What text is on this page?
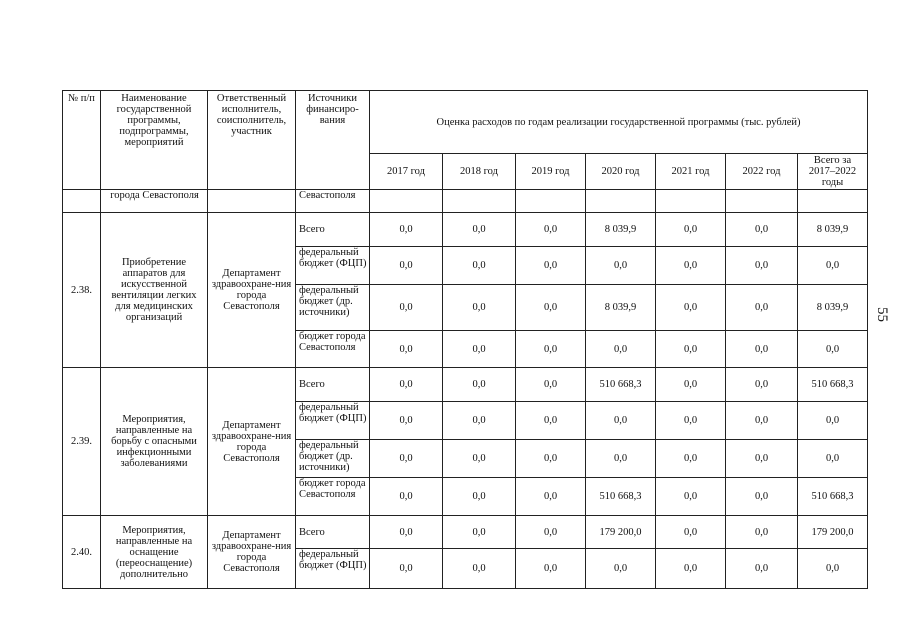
№ п/п	Наименование государственной программы, подпрограммы, мероприятий	Ответственный исполнитель, соисполнитель, участник	Источники финансиро-вания	Оценка расходов по годам реализации государственной программы (тыс. рублей)						
				2017 год	2018 год	2019 год	2020 год	2021 год	2022 год	Всего за 2017–2022 годы
	города Севастополя		Севастополя							
2.38.	Приобретение аппаратов для искусственной вентиляции легких для медицинских организаций	Департамент здравоохране-ния города Севастополя	Всего	0,0	0,0	0,0	8 039,9	0,0	0,0	8 039,9
			федеральный бюджет (ФЦП)	0,0	0,0	0,0	0,0	0,0	0,0	0,0
			федеральный бюджет (др. источники)	0,0	0,0	0,0	8 039,9	0,0	0,0	8 039,9
			бюджет города Севастополя	0,0	0,0	0,0	0,0	0,0	0,0	0,0
2.39.	Мероприятия, направленные на борьбу с опасными инфекционными заболеваниями	Департамент здравоохране-ния города Севастополя	Всего	0,0	0,0	0,0	510 668,3	0,0	0,0	510 668,3
			федеральный бюджет (ФЦП)	0,0	0,0	0,0	0,0	0,0	0,0	0,0
			федеральный бюджет (др. источники)	0,0	0,0	0,0	0,0	0,0	0,0	0,0
			бюджет города Севастополя	0,0	0,0	0,0	510 668,3	0,0	0,0	510 668,3
2.40.	Мероприятия, направленные на оснащение (переоснащение) дополнительно	Департамент здравоохране-ния города Севастополя	Всего	0,0	0,0	0,0	179 200,0	0,0	0,0	179 200,0
			федеральный бюджет (ФЦП)	0,0	0,0	0,0	0,0	0,0	0,0	0,0
55
